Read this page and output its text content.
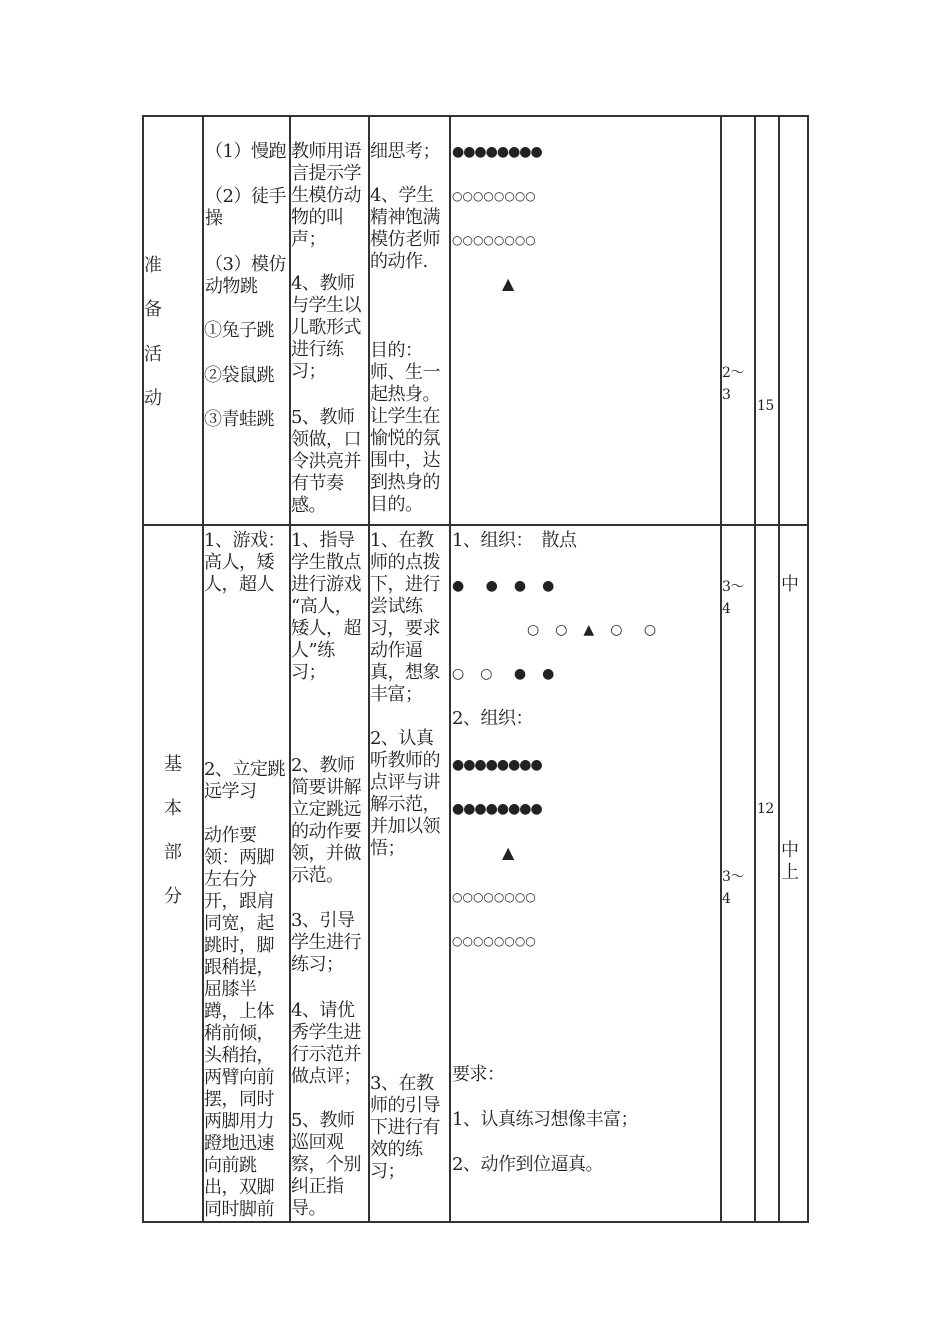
准
备
活
动
（1）慢跑
（2）徒手
操
（3）模仿
动物跳
①兔子跳
②袋鼠跳
③青蛙跳
教师用语
言提示学
生模仿动
物的叫
声；
4、教师
与学生以
儿歌形式
进行练
习；
5、教师
领做，口
令洪亮并
有节奏
感。
细思考；
4、学生
精神饱满
模仿老师
的动作.
目的：
师、生一
起热身。
让学生在
愉悦的氛
围中，达
到热身的
目的。
●●●●●●●●
○○○○○○○○
○○○○○○○○
▲
2～
3
15
基
本
部
分
1、游戏：
高人，矮
人，超人
2、立定跳
远学习
动作要
领：两脚
左右分
开，跟肩
同宽，起
跳时，脚
跟稍提，
屈膝半
蹲，上体
稍前倾，
头稍抬，
两臂向前
摆，同时
两脚用力
蹬地迅速
向前跳
出，双脚
同时脚前
1、指导
学生散点
进行游戏
“高人，
矮人，超
人”练
习；
2、教师
简要讲解
立定跳远
的动作要
领，并做
示范。
3、引导
学生进行
练习；
4、请优
秀学生进
行示范并
做点评；
5、教师
巡回观
察，个别
纠正指
导。
1、在教
师的点拨
下，进行
尝试练
习，要求
动作逼
真，想象
丰富；
2、认真
听教师的
点评与讲
解示范，
并加以领
悟；
3、在教
师的引导
下进行有
效的练
习；
1、组织：　散点
●　 ●　●　●
○　○　▲　○　 ○
○　○　 ●　●
2、组织：
●●●●●●●●
●●●●●●●●
▲
○○○○○○○○
○○○○○○○○
要求：
1、认真练习想像丰富；
2、动作到位逼真。
3～
4
3～
4
12
中
中
上
